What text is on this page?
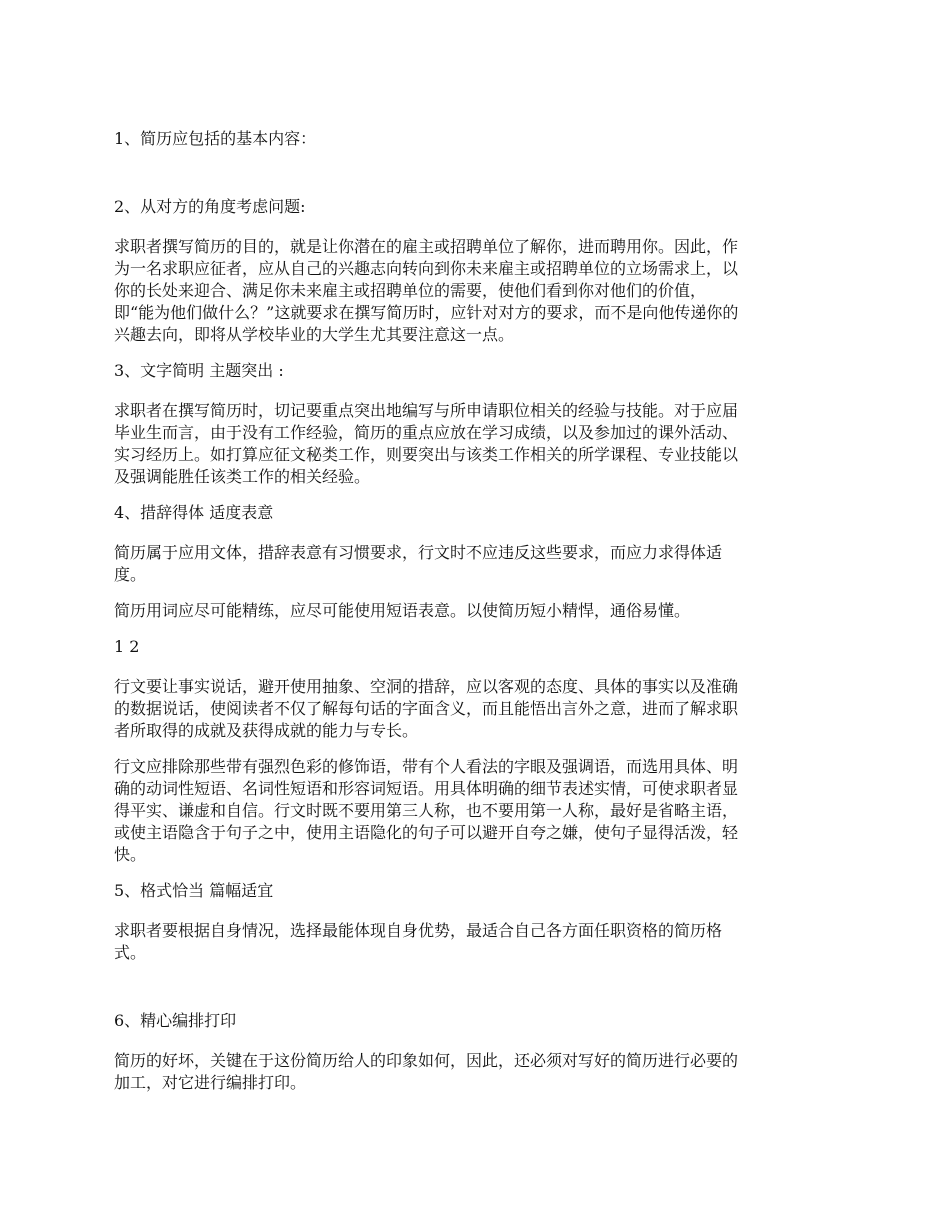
1、简历应包括的基本内容：
2、从对方的角度考虑问题:
求职者撰写简历的目的，就是让你潜在的雇主或招聘单位了解你，进而聘用你。因此，作
为一名求职应征者，应从自己的兴趣志向转向到你未来雇主或招聘单位的立场需求上，以
你的长处来迎合、满足你未来雇主或招聘单位的需要，使他们看到你对他们的价值，
即“能为他们做什么？”这就要求在撰写简历时，应针对对方的要求，而不是向他传递你的
兴趣去向，即将从学校毕业的大学生尤其要注意这一点。
3、文字简明 主题突出 :
求职者在撰写简历时，切记要重点突出地编写与所申请职位相关的经验与技能。对于应届
毕业生而言，由于没有工作经验，简历的重点应放在学习成绩，以及参加过的课外活动、
实习经历上。如打算应征文秘类工作，则要突出与该类工作相关的所学课程、专业技能以
及强调能胜任该类工作的相关经验。
4、措辞得体 适度表意
简历属于应用文体，措辞表意有习惯要求，行文时不应违反这些要求，而应力求得体适
度。
简历用词应尽可能精练，应尽可能使用短语表意。以使简历短小精悍，通俗易懂。
1 2
行文要让事实说话，避开使用抽象、空洞的措辞，应以客观的态度、具体的事实以及准确
的数据说话，使阅读者不仅了解每句话的字面含义，而且能悟出言外之意，进而了解求职
者所取得的成就及获得成就的能力与专长。
行文应排除那些带有强烈色彩的修饰语，带有个人看法的字眼及强调语，而选用具体、明
确的动词性短语、名词性短语和形容词短语。用具体明确的细节表述实情，可使求职者显
得平实、谦虚和自信。行文时既不要用第三人称，也不要用第一人称，最好是省略主语，
或使主语隐含于句子之中，使用主语隐化的句子可以避开自夸之嫌，使句子显得活泼，轻
快。
5、格式恰当 篇幅适宜
求职者要根据自身情况，选择最能体现自身优势，最适合自己各方面任职资格的简历格
式。
6、精心编排打印
简历的好坏，关键在于这份简历给人的印象如何，因此，还必须对写好的简历进行必要的
加工，对它进行编排打印。
